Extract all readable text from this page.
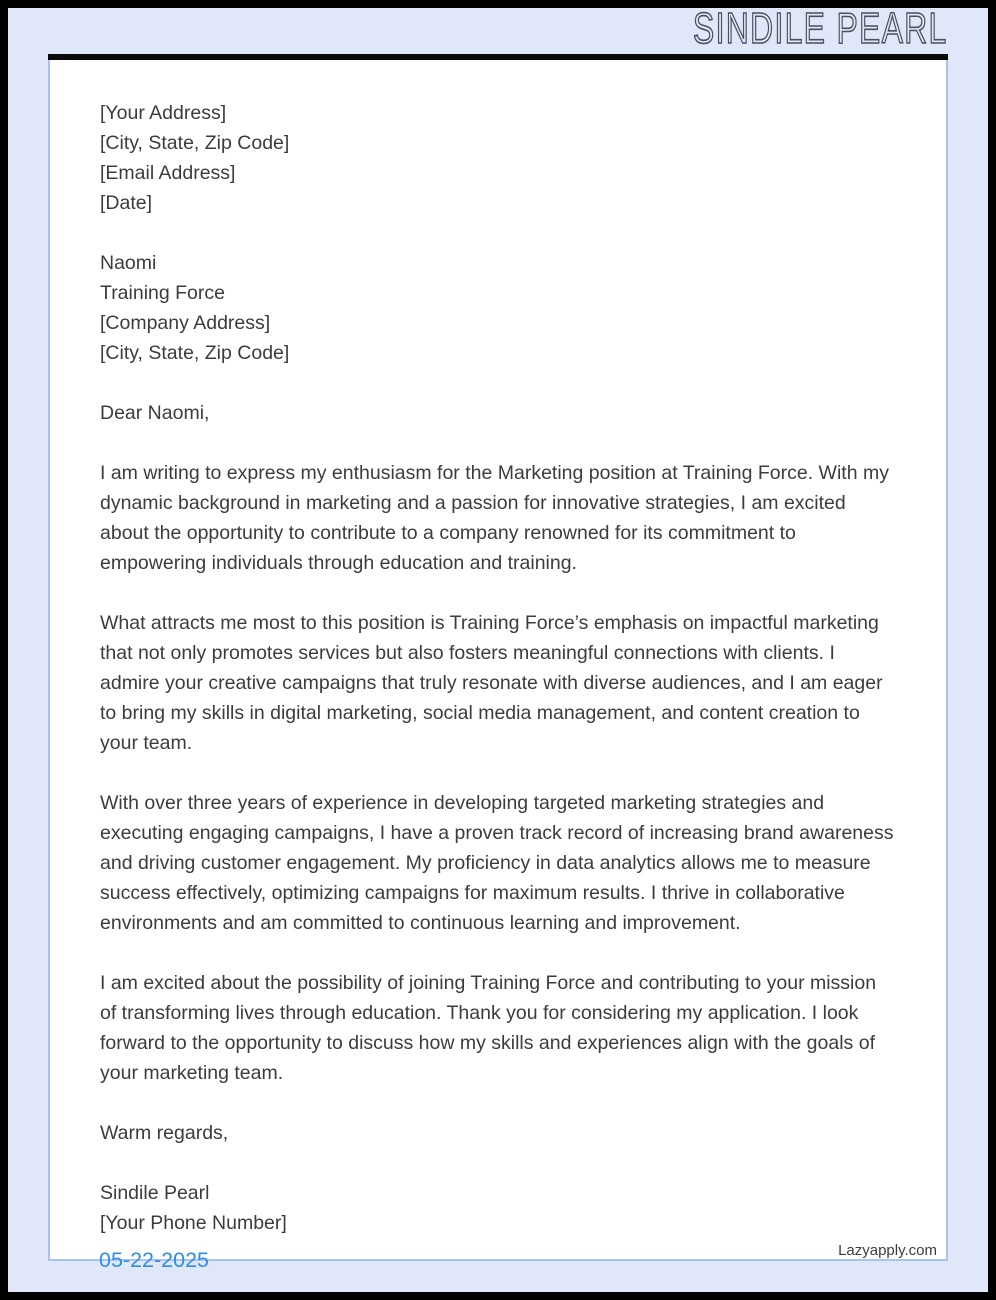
SINDILE PEARL
[Your Address]
[City, State, Zip Code]
[Email Address]
[Date]
Naomi
Training Force
[Company Address]
[City, State, Zip Code]
Dear Naomi,

I am writing to express my enthusiasm for the Marketing position at Training Force. With my dynamic background in marketing and a passion for innovative strategies, I am excited about the opportunity to contribute to a company renowned for its commitment to empowering individuals through education and training.

What attracts me most to this position is Training Force’s emphasis on impactful marketing that not only promotes services but also fosters meaningful connections with clients. I admire your creative campaigns that truly resonate with diverse audiences, and I am eager to bring my skills in digital marketing, social media management, and content creation to your team.

With over three years of experience in developing targeted marketing strategies and executing engaging campaigns, I have a proven track record of increasing brand awareness and driving customer engagement. My proficiency in data analytics allows me to measure success effectively, optimizing campaigns for maximum results. I thrive in collaborative environments and am committed to continuous learning and improvement.

I am excited about the possibility of joining Training Force and contributing to your mission of transforming lives through education. Thank you for considering my application. I look forward to the opportunity to discuss how my skills and experiences align with the goals of your marketing team.

Warm regards,
Sindile Pearl
[Your Phone Number]
Lazyapply.com
05-22-2025
